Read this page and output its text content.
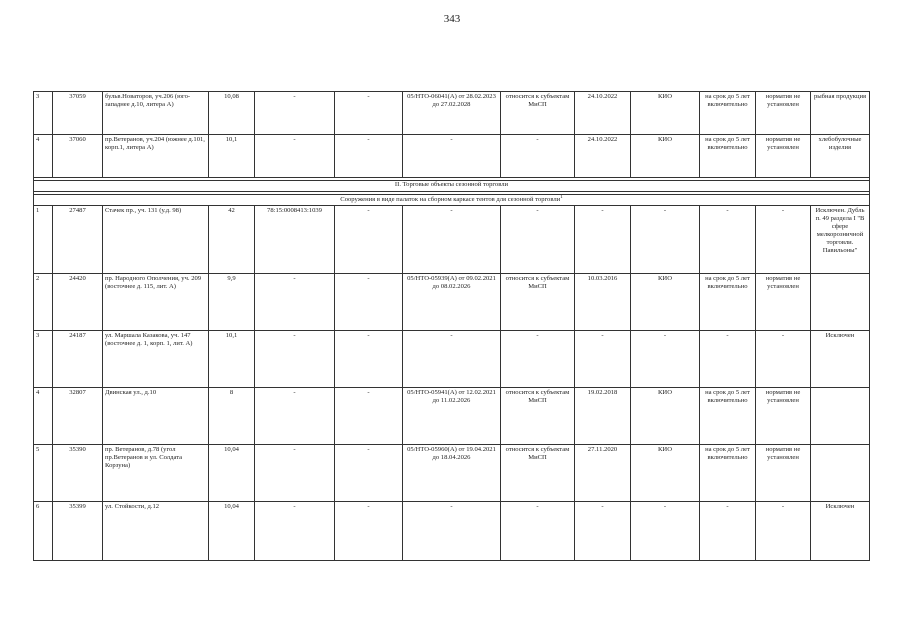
343
3	37059	бульв.Новаторов, уч.206 (юго-западнее д.10, литера А)	10,08	-	-	05/НТО-06041(А) от 28.02.2023 до 27.02.2028	относится к субъектам МиСП	24.10.2022	КИО	на срок до 5 лет включительно	норматив не установлен	рыбная продукция
4	37060	пр.Ветеранов, уч.204 (южнее д.101, корп.1, литера А)	10,1	-	-	-	-	24.10.2022	КИО	на срок до 5 лет включительно	норматив не установлен	хлебобулочные изделия

II. Торговые объекты сезонной торговли												

Сооружения в виде палаток на сборном каркасе тентов для сезонной торговли$^1$
1	27487	Стачек пр., уч. 131 (у.д. 98)	42	78:15:0008413:1039	-	-	-	-	-	-	-	Исключен. Дубль п. 49 раздела I "В сфере мелкорозничной торговли. Павильоны"
2	24420	пр. Народного Ополчения, уч. 209 (восточнее д. 115, лит. А)	9,9	-	-	05/НТО-05939(А) от 09.02.2021 до 08.02.2026	относится к субъектам МиСП	10.03.2016	КИО	на срок до 5 лет включительно	норматив не установлен	
3	24187	ул. Маршала Казакова, уч. 147 (восточнее д. 1, корп. 1, лит. А)	10,1	-	-	-	-	-	-	-	-	Исключен
4	32807	Двинская ул., д.10	8	-	-	05/НТО-05941(А) от 12.02.2021 до 11.02.2026	относится к субъектам МиСП	19.02.2018	КИО	на срок до 5 лет включительно	норматив не установлен	
5	35390	пр. Ветеранов, д.78 (угол пр.Ветеранов и ул. Солдата Корзуна)	10,04	-	-	05/НТО-05960(А) от 19.04.2021 до 18.04.2026	относится к субъектам МиСП	27.11.2020	КИО	на срок до 5 лет включительно	норматив не установлен	
6	35399	ул. Стойкости, д.12	10,04	-	-	-	-	-	-	-	-	Исключен
